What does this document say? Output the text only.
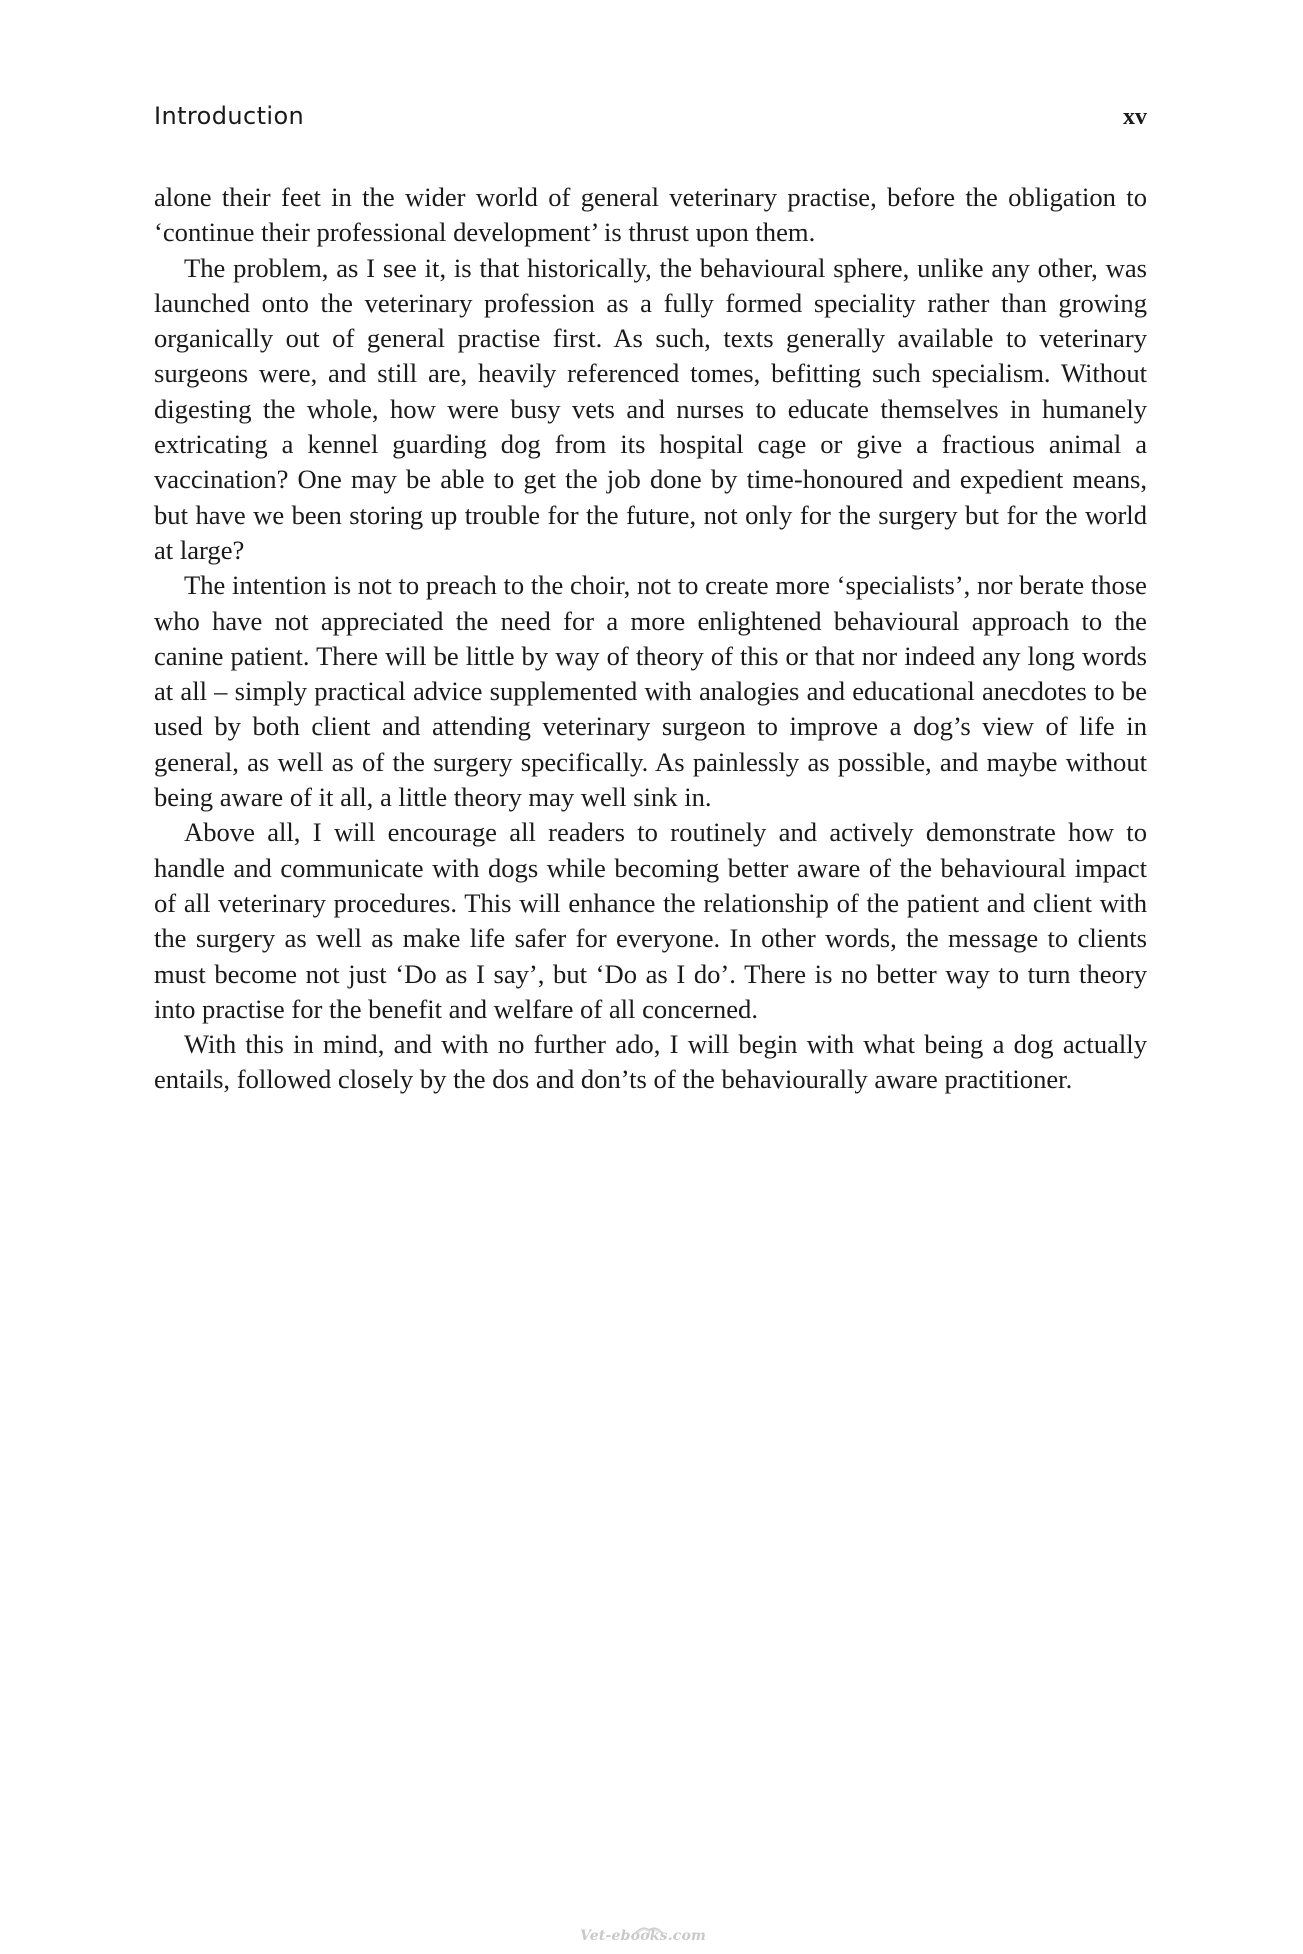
Introduction	xv

alone their feet in the wider world of general veterinary practise, before the obligation to ‘continue their professional development’ is thrust upon them.

The problem, as I see it, is that historically, the behavioural sphere, unlike any other, was launched onto the veterinary profession as a fully formed speciality rather than growing organically out of general practise first. As such, texts generally available to veterinary surgeons were, and still are, heavily referenced tomes, befitting such specialism. Without digesting the whole, how were busy vets and nurses to educate themselves in humanely extricating a kennel guarding dog from its hospital cage or give a fractious animal a vaccination? One may be able to get the job done by time-honoured and expedient means, but have we been storing up trouble for the future, not only for the surgery but for the world at large?

The intention is not to preach to the choir, not to create more ‘specialists’, nor berate those who have not appreciated the need for a more enlightened behavioural approach to the canine patient. There will be little by way of theory of this or that nor indeed any long words at all – simply practical advice supplemented with analogies and educational anecdotes to be used by both client and attending veterinary surgeon to improve a dog’s view of life in general, as well as of the surgery specifically. As painlessly as possible, and maybe without being aware of it all, a little theory may well sink in.

Above all, I will encourage all readers to routinely and actively demonstrate how to handle and communicate with dogs while becoming better aware of the behavioural impact of all veterinary procedures. This will enhance the relationship of the patient and client with the surgery as well as make life safer for everyone. In other words, the message to clients must become not just ‘Do as I say’, but ‘Do as I do’. There is no better way to turn theory into practise for the benefit and welfare of all concerned.

With this in mind, and with no further ado, I will begin with what being a dog actually entails, followed closely by the dos and don’ts of the behaviourally aware practitioner.

Vet-ebooks.com
